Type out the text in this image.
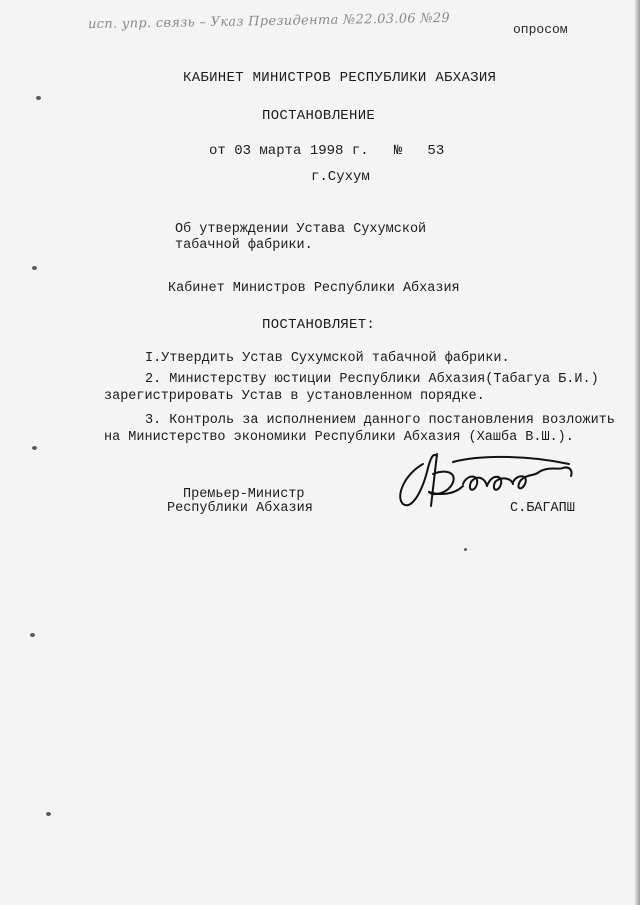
исп. упр. связь – Указ Президента №22.03.06 №29	опросом
КАБИНЕТ МИНИСТРОВ РЕСПУБЛИКИ АБХАЗИЯ
ПОСТАНОВЛЕНИЕ
от 03 марта 1998 г.   №   53
г.Сухум
Об утверждении Устава Сухумской
табачной фабрики.
Кабинет Министров Республики Абхазия
ПОСТАНОВЛЯЕТ:
I.Утвердить Устав Сухумской табачной фабрики.
2. Министерству юстиции Республики Абхазия(Табагуа Б.И.)
зарегистрировать Устав в установленном порядке.
3. Контроль за исполнением данного постановления возложить
на Министерство экономики Республики Абхазия (Хашба В.Ш.).
Премьер-Министр
Республики Абхазия	С.БАГАПШ
